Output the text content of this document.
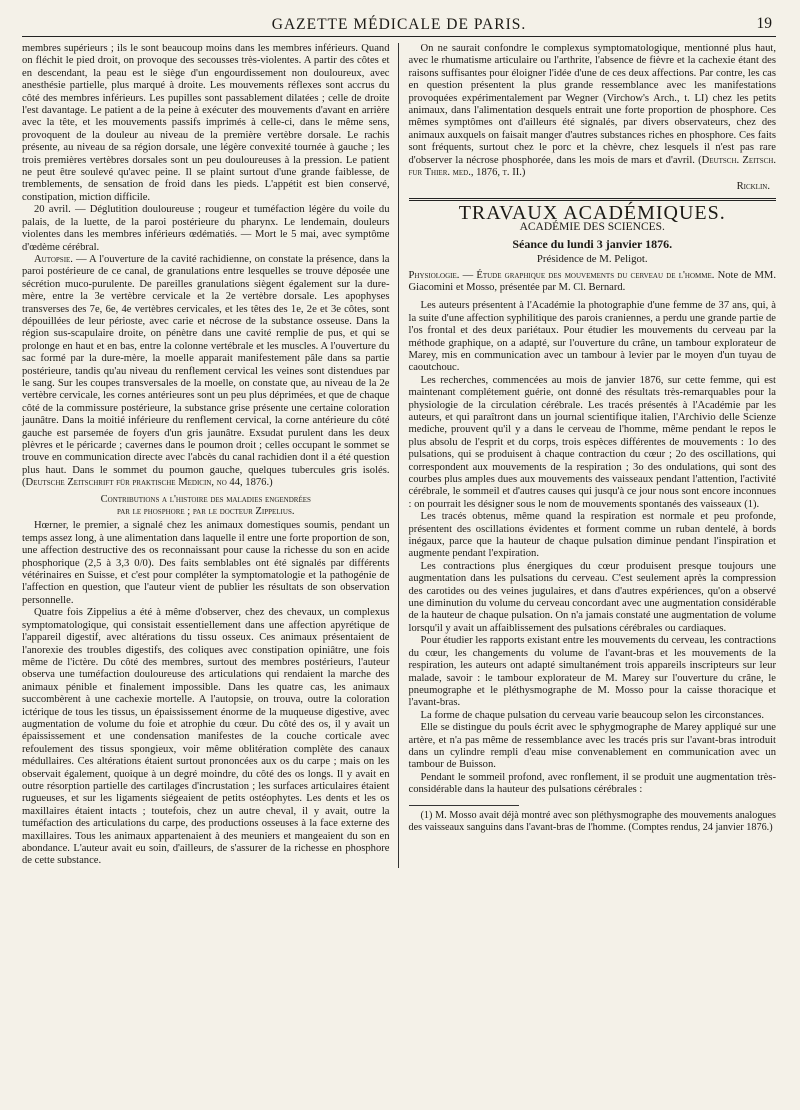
GAZETTE MÉDICALE DE PARIS.	19

membres supérieurs ; ils le sont beaucoup moins dans les membres inférieurs. Quand on fléchit le pied droit, on provoque des secousses très-violentes. A partir des côtes et en descendant, la peau est le siège d'un engourdissement non douloureux, avec anesthésie partielle, plus marqué à droite. Les mouvements réflexes sont accrus du côté des membres inférieurs. Les pupilles sont passablement dilatées ; celle de droite l'est davantage. Le patient a de la peine à exécuter des mouvements d'avant en arrière avec la tête, et les mouvements passifs imprimés à celle-ci, dans le même sens, provoquent de la douleur au niveau de la première vertèbre dorsale. Le rachis présente, au niveau de sa région dorsale, une légère convexité tournée à gauche ; les trois premières vertèbres dorsales sont un peu douloureuses à la pression. Le patient ne peut être soulevé qu'avec peine. Il se plaint surtout d'une grande faiblesse, de tremblements, de sensation de froid dans les pieds. L'appétit est bien conservé, constipation, miction difficile.

20 avril. — Déglutition douloureuse ; rougeur et tuméfaction légère du voile du palais, de la luette, de la paroi postérieure du pharynx. Le lendemain, douleurs violentes dans les membres inférieurs œdématiés. — Mort le 5 mai, avec symptôme d'œdème cérébral.

Autopsie. — A l'ouverture de la cavité rachidienne, on constate la présence, dans la paroi postérieure de ce canal, de granulations entre lesquelles se trouve déposée une sécrétion muco-purulente. De pareilles granulations siègent également sur la dure-mère, entre la 3e vertèbre cervicale et la 2e vertèbre dorsale. Les apophyses transverses des 7e, 6e, 4e vertèbres cervicales, et les têtes des 1e, 2e et 3e côtes, sont dépouillées de leur périoste, avec carie et nécrose de la substance osseuse. Dans la région sus-scapulaire droite, on pénètre dans une cavité remplie de pus, et qui se prolonge en haut et en bas, entre la colonne vertébrale et les muscles. A l'ouverture du sac formé par la dure-mère, la moelle apparait manifestement pâle dans sa partie postérieure, tandis qu'au niveau du renflement cervical les veines sont distendues par le sang. Sur les coupes transversales de la moelle, on constate que, au niveau de la 2e vertèbre cervicale, les cornes antérieures sont un peu plus déprimées, et que de chaque côté de la commissure postérieure, la substance grise présente une certaine coloration jaunâtre. Dans la moitié inférieure du renflement cervical, la corne antérieure du côté gauche est parsemée de foyers d'un gris jaunâtre. Exsudat purulent dans les deux plèvres et le péricarde ; cavernes dans le poumon droit ; celles occupant le sommet se trouve en communication directe avec l'abcès du canal rachidien dont il a été question plus haut. Dans le sommet du poumon gauche, quelques tubercules gris isolés. (Deutsche Zeitschrift für praktische Medicin, no 44, 1876.)

Contributions a l'histoire des maladies engendrées
par le phosphore ; par le docteur Zippelius.

Hœrner, le premier, a signalé chez les animaux domestiques soumis, pendant un temps assez long, à une alimentation dans laquelle il entre une forte proportion de son, une affection destructive des os reconnaissant pour cause la richesse du son en acide phosphorique (2,5 à 3,3 0/0). Des faits semblables ont été signalés par différents vétérinaires en Suisse, et c'est pour compléter la symptomatologie et la pathogénie de l'affection en question, que l'auteur vient de publier les résultats de son observation personnelle.

Quatre fois Zippelius a été à même d'observer, chez des chevaux, un complexus symptomatologique, qui consistait essentiellement dans une affection apyrétique de l'appareil digestif, avec altérations du tissu osseux. Ces animaux présentaient de l'anorexie des troubles digestifs, des coliques avec constipation opiniâtre, une fois même de l'ictère. Du côté des membres, surtout des membres postérieurs, l'auteur observa une tuméfaction douloureuse des articulations qui rendaient la marche des animaux pénible et finalement impossible. Dans les quatre cas, les animaux succombèrent à une cachexie mortelle. A l'autopsie, on trouva, outre la coloration ictérique de tous les tissus, un épaississement énorme de la muqueuse digestive, avec augmentation de volume du foie et atrophie du cœur. Du côté des os, il y avait un épaississement et une condensation manifestes de la couche corticale avec refoulement des tissus spongieux, voir même oblitération complète des canaux médullaires. Ces altérations étaient surtout prononcées aux os du carpe ; mais on les observait également, quoique à un degré moindre, du côté des os longs. Il y avait en outre résorption partielle des cartilages d'incrustation ; les surfaces articulaires étaient rugueuses, et sur les ligaments siégeaient de petits ostéophytes. Les dents et les os maxillaires étaient intacts ; toutefois, chez un autre cheval, il y avait, outre la tuméfaction des articulations du carpe, des productions osseuses à la face externe des maxillaires. Tous les animaux appartenaient à des meuniers et mangeaient du son en abondance. L'auteur avait eu soin, d'ailleurs, de s'assurer de la richesse en phosphore de cette substance.

On ne saurait confondre le complexus symptomatologique, mentionné plus haut, avec le rhumatisme articulaire ou l'arthrite, l'absence de fièvre et la cachexie étant des raisons suffisantes pour éloigner l'idée d'une de ces deux affections. Par contre, les cas en question présentent la plus grande ressemblance avec les manifestations provoquées expérimentalement par Wegner (Virchow's Arch., t. LI) chez les petits animaux, dans l'alimentation desquels entrait une forte proportion de phosphore. Ces mêmes symptômes ont d'ailleurs été signalés, par divers observateurs, chez des animaux auxquels on faisait manger d'autres substances riches en phosphore. Ces faits sont fréquents, surtout chez le porc et la chèvre, chez lesquels il n'est pas rare d'observer la nécrose phosphorée, dans les mois de mars et d'avril. (Deutsch. Zeitsch. fur Thier. med., 1876, t. II.)

Ricklin.
TRAVAUX ACADÉMIQUES.
ACADÉMIE DES SCIENCES.
Séance du lundi 3 janvier 1876.
Présidence de M. Peligot.

Physiologie. — Étude graphique des mouvements du cerveau de l'homme. Note de MM. Giacomini et Mosso, présentée par M. Cl. Bernard.

Les auteurs présentent à l'Académie la photographie d'une femme de 37 ans, qui, à la suite d'une affection syphilitique des parois craniennes, a perdu une grande partie de l'os frontal et des deux pariétaux. Pour étudier les mouvements du cerveau par la méthode graphique, on a adapté, sur l'ouverture du crâne, un tambour explorateur de Marey, mis en communication avec un tambour à levier par le moyen d'un tuyau de caoutchouc.

Les recherches, commencées au mois de janvier 1876, sur cette femme, qui est maintenant complétement guérie, ont donné des résultats très-remarquables pour la physiologie de la circulation cérébrale. Les tracés présentés à l'Académie par les auteurs, et qui paraîtront dans un journal scientifique italien, l'Archivio delle Scienze mediche, prouvent qu'il y a dans le cerveau de l'homme, même pendant le repos le plus absolu de l'esprit et du corps, trois espèces différentes de mouvements : 1o des pulsations, qui se produisent à chaque contraction du cœur ; 2o des oscillations, qui correspondent aux mouvements de la respiration ; 3o des ondulations, qui sont des courbes plus amples dues aux mouvements des vaisseaux pendant l'attention, l'activité cérébrale, le sommeil et d'autres causes qui jusqu'à ce jour nous sont encore inconnues : on pourrait les désigner sous le nom de mouvements spontanés des vaisseaux (1).

Les tracés obtenus, même quand la respiration est normale et peu profonde, présentent des oscillations évidentes et forment comme un ruban dentelé, à bords inégaux, parce que la hauteur de chaque pulsation diminue pendant l'inspiration et augmente pendant l'expiration.

Les contractions plus énergiques du cœur produisent presque toujours une augmentation dans les pulsations du cerveau. C'est seulement après la compression des carotides ou des veines jugulaires, et dans d'autres expériences, qu'on a observé une diminution du volume du cerveau concordant avec une augmentation considérable de la hauteur de chaque pulsation. On n'a jamais constaté une augmentation de volume lorsqu'il y avait un affaiblissement des pulsations cérébrales ou cardiaques.

Pour étudier les rapports existant entre les mouvements du cerveau, les contractions du cœur, les changements du volume de l'avant-bras et les mouvements de la respiration, les auteurs ont adapté simultanément trois appareils inscripteurs sur leur malade, savoir : le tambour explorateur de M. Marey sur l'ouverture du crâne, le pneumographe et le pléthysmographe de M. Mosso pour la caisse thoracique et l'avant-bras.

La forme de chaque pulsation du cerveau varie beaucoup selon les circonstances.

Elle se distingue du pouls écrit avec le sphygmographe de Marey appliqué sur une artère, et n'a pas même de ressemblance avec les tracés pris sur l'avant-bras introduit dans un cylindre rempli d'eau mise convenablement en communication avec un tambour de Buisson.

Pendant le sommeil profond, avec ronflement, il se produit une augmentation très-considérable dans la hauteur des pulsations cérébrales :

(1) M. Mosso avait déjà montré avec son pléthysmographe des mouvements analogues des vaisseaux sanguins dans l'avant-bras de l'homme. (Comptes rendus, 24 janvier 1876.)
